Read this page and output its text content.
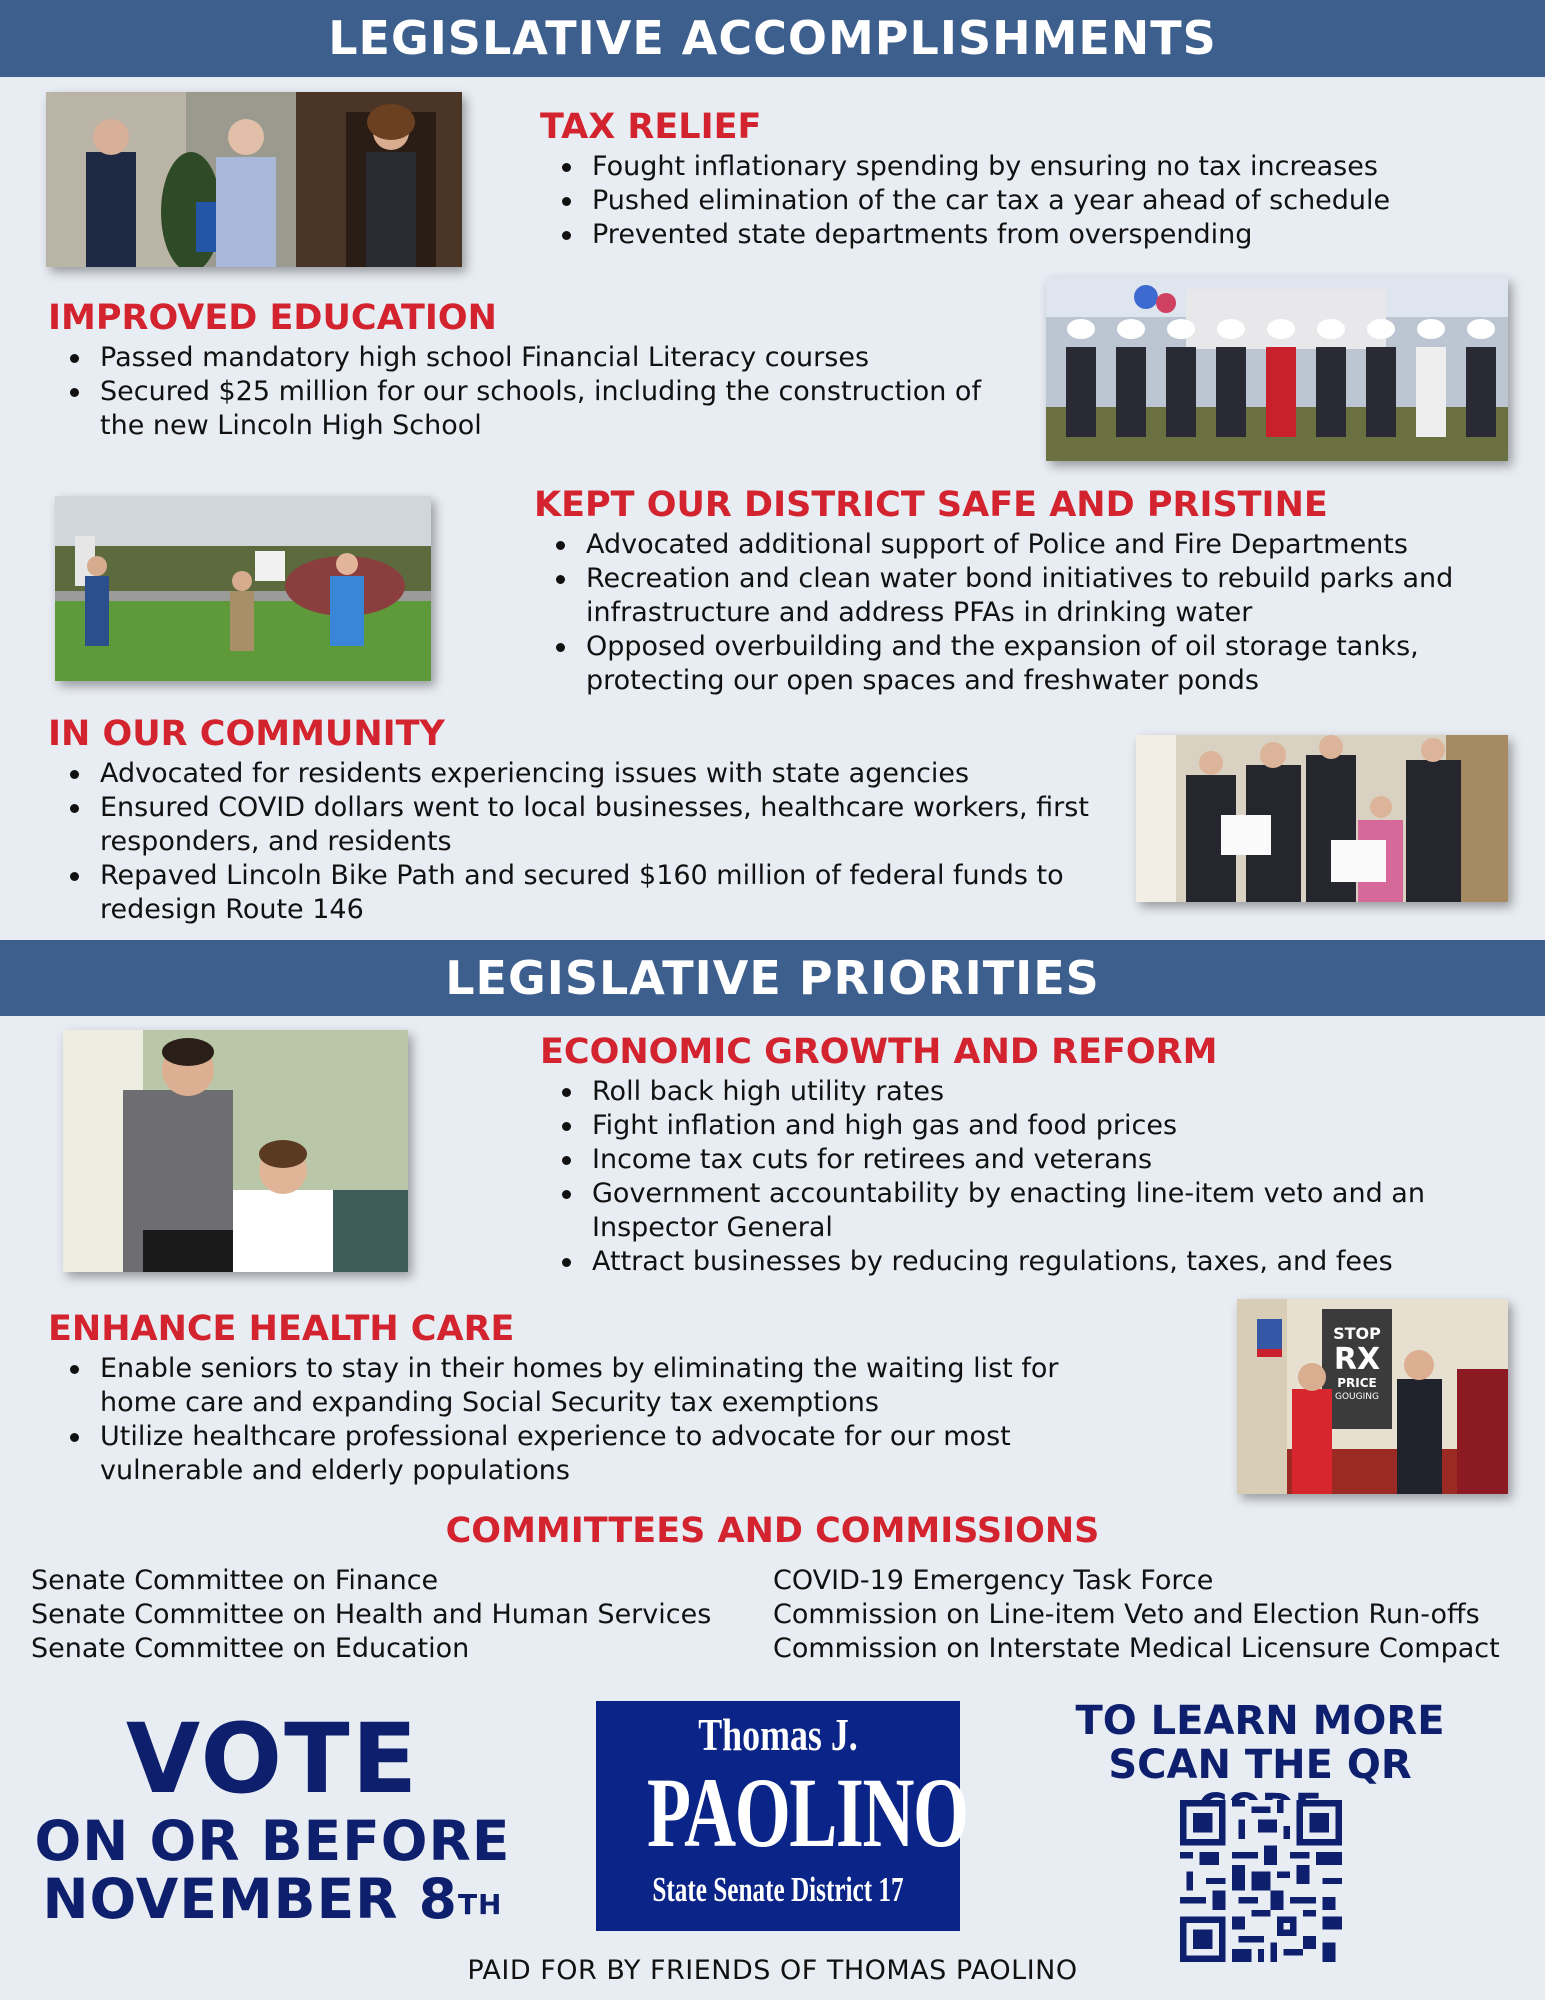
LEGISLATIVE ACCOMPLISHMENTS
TAX RELIEF
Fought inflationary spending by ensuring no tax increases
Pushed elimination of the car tax a year ahead of schedule
Prevented state departments from overspending
IMPROVED EDUCATION
Passed mandatory high school Financial Literacy courses
Secured $25 million for our schools, including the construction of the new Lincoln High School
KEPT OUR DISTRICT SAFE AND PRISTINE
Advocated additional support of Police and Fire Departments
Recreation and clean water bond initiatives to rebuild parks and infrastructure and address PFAs in drinking water
Opposed overbuilding and the expansion of oil storage tanks, protecting our open spaces and freshwater ponds
IN OUR COMMUNITY
Advocated for residents experiencing issues with state agencies
Ensured COVID dollars went to local businesses, healthcare workers, first responders, and residents
Repaved Lincoln Bike Path and secured $160 million of federal funds to redesign Route 146
LEGISLATIVE PRIORITIES
ECONOMIC GROWTH AND REFORM
Roll back high utility rates
Fight inflation and high gas and food prices
Income tax cuts for retirees and veterans
Government accountability by enacting line-item veto and an Inspector General
Attract businesses by reducing regulations, taxes, and fees
ENHANCE HEALTH CARE
Enable seniors to stay in their homes by eliminating the waiting list for home care and expanding Social Security tax exemptions
Utilize healthcare professional experience to advocate for our most vulnerable and elderly populations
STOP
RX
PRICE
GOUGING
COMMITTEES AND COMMISSIONS
Senate Committee on Finance
Senate Committee on Health and Human Services
Senate Committee on Education
COVID-19 Emergency Task Force
Commission on Line-item Veto and Election Run-offs
Commission on Interstate Medical Licensure Compact
VOTE
ON OR BEFORE
NOVEMBER 8TH
Thomas J.
PAOLINO
State Senate District 17
TO LEARN MORE
SCAN THE QR
PAID FOR BY FRIENDS OF THOMAS PAOLINO
